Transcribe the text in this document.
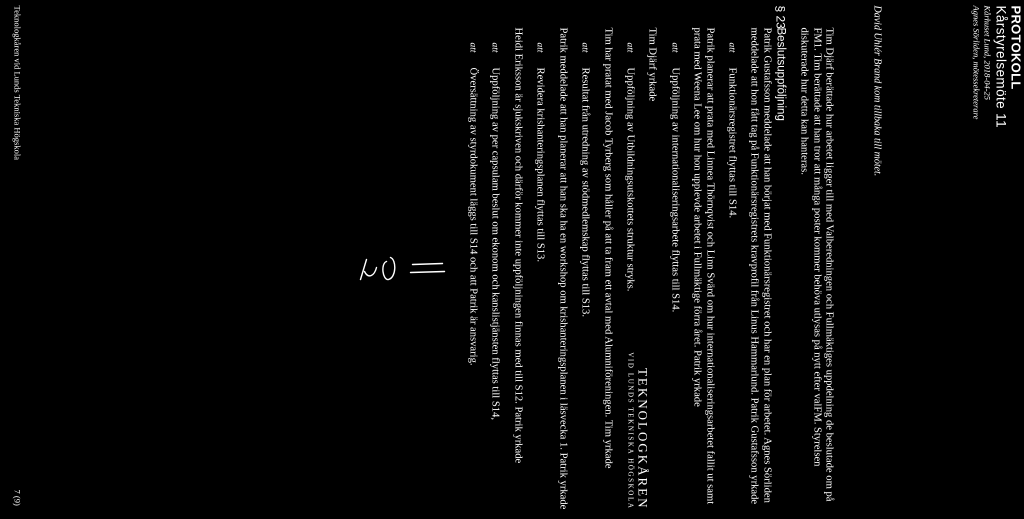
PROTOKOLL
Kårstyrelsemöte 11
Kårhuset Lund, 2018-04-25
Agnes Sörliden, mötessekreterare
TEKNOLOGKÅREN
VID LUNDS TEKNISKA HÖGSKOLA
David Uhlér Brand kom tillbaka till mötet.

Tim Djärf berättade hur arbetet ligger till med Valberedningen och Fullmäktiges uppdelning de beslutade om på FM1. Tim berättade att han tror att många poster kommer behöva utlysas på nytt efter valFM. Styrelsen diskuterade hur detta kan hanteras.

§ 23
Beslutsuppföljning

Patrik Gustafsson meddelade att han börjat med Funktionärsregistret och har en plan för arbetet. Agnes Sörliden meddelade att hon fått tag på Funktionärsregistrets kravprofil från Linus Hammarlund. Patrik Gustafsson yrkade

att
Funktionärsregistret flyttas till S14.

Patrik planerar att prata med Linnea Thörnqvist och Linn Svärd om hur internationaliseringsarbetet fallit ut samt prata med Weena Lee om hur hon upplevde arbetet i Fullmäktige förra året. Patrik yrkade

att
Uppföljning av internationaliseringsarbete flyttas till S14.

Tim Djärf yrkade

att
Uppföljning av Utbildningsutskottets struktur stryks.

Tim har pratat med Jacob Tyrberg som håller på att ta fram ett avtal med Alumniföreningen. Tim yrkade

att
Resultat från utredning av stödmedlemskap flyttas till S13.

Patrik meddelade att han planerar att han ska ha en workshop om krishanteringsplanen i läsvecka 1. Patrik yrkade

att
Revidera krishanteringsplanen flyttas till S13.

Heidi Eriksson är sjukskriven och därför kommer inte uppföljningen finnas med till S12. Patrik yrkade

att
Uppföljning av per capsulam beslut om ekonom och kanslistjänsten flyttas till S14,
att
Översättning av styrdokument läggs till S14 och att Patrik är ansvarig.
Teknologkåren vid Lunds Tekniska Högskola
7 (9)
